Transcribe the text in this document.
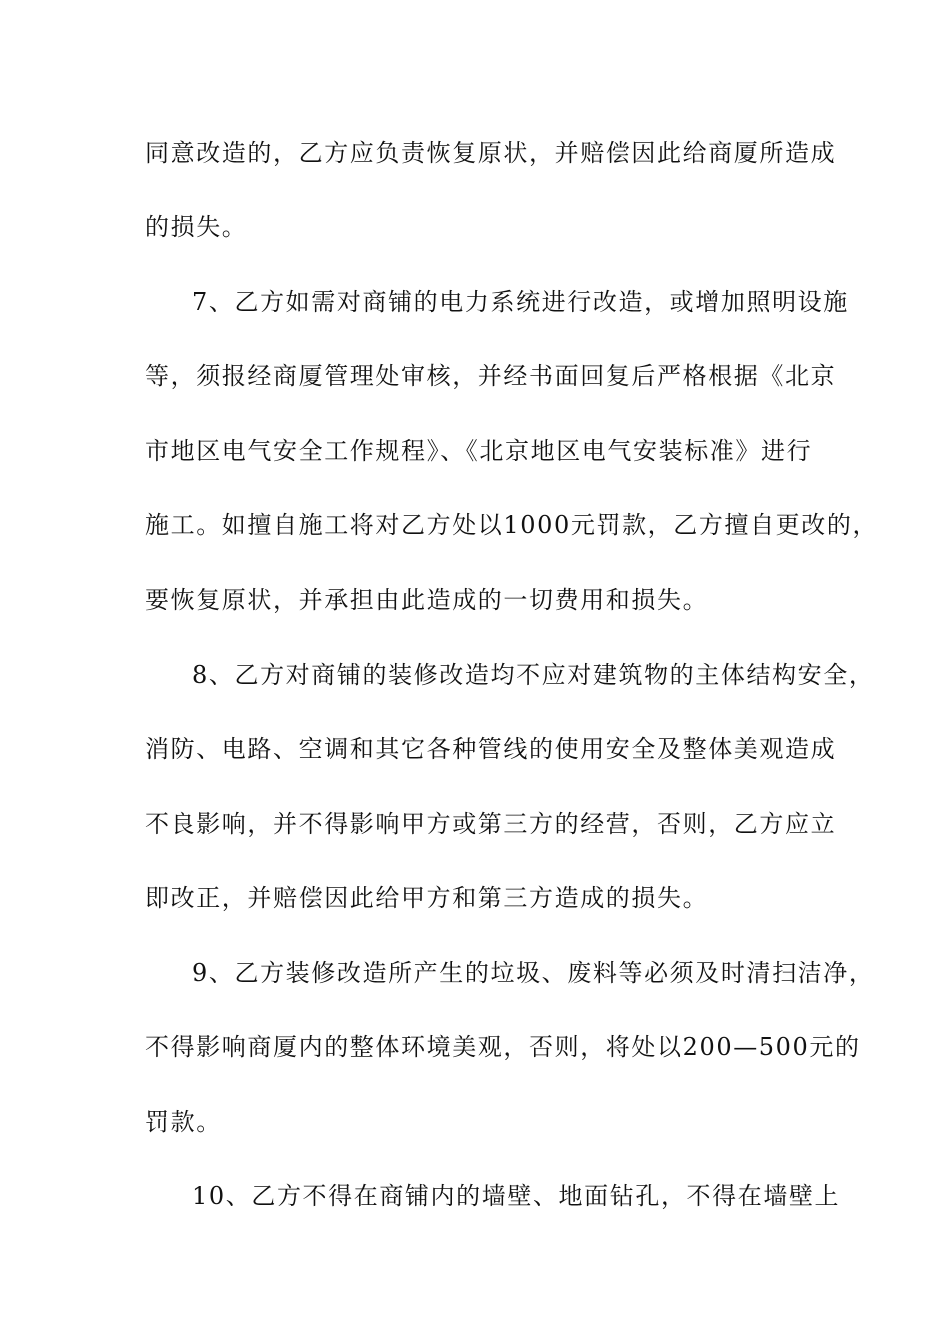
同意改造的，乙方应负责恢复原状，并赔偿因此给商厦所造成
的损失。
7、乙方如需对商铺的电力系统进行改造，或增加照明设施
等，须报经商厦管理处审核，并经书面回复后严格根据《北京
市地区电气安全工作规程》、《北京地区电气安装标准》进行
施工。如擅自施工将对乙方处以1000元罚款，乙方擅自更改的，
要恢复原状，并承担由此造成的一切费用和损失。
8、乙方对商铺的装修改造均不应对建筑物的主体结构安全，
消防、电路、空调和其它各种管线的使用安全及整体美观造成
不良影响，并不得影响甲方或第三方的经营，否则，乙方应立
即改正，并赔偿因此给甲方和第三方造成的损失。
9、乙方装修改造所产生的垃圾、废料等必须及时清扫洁净，
不得影响商厦内的整体环境美观，否则，将处以200—500元的
罚款。
10、乙方不得在商铺内的墙壁、地面钻孔，不得在墙壁上
